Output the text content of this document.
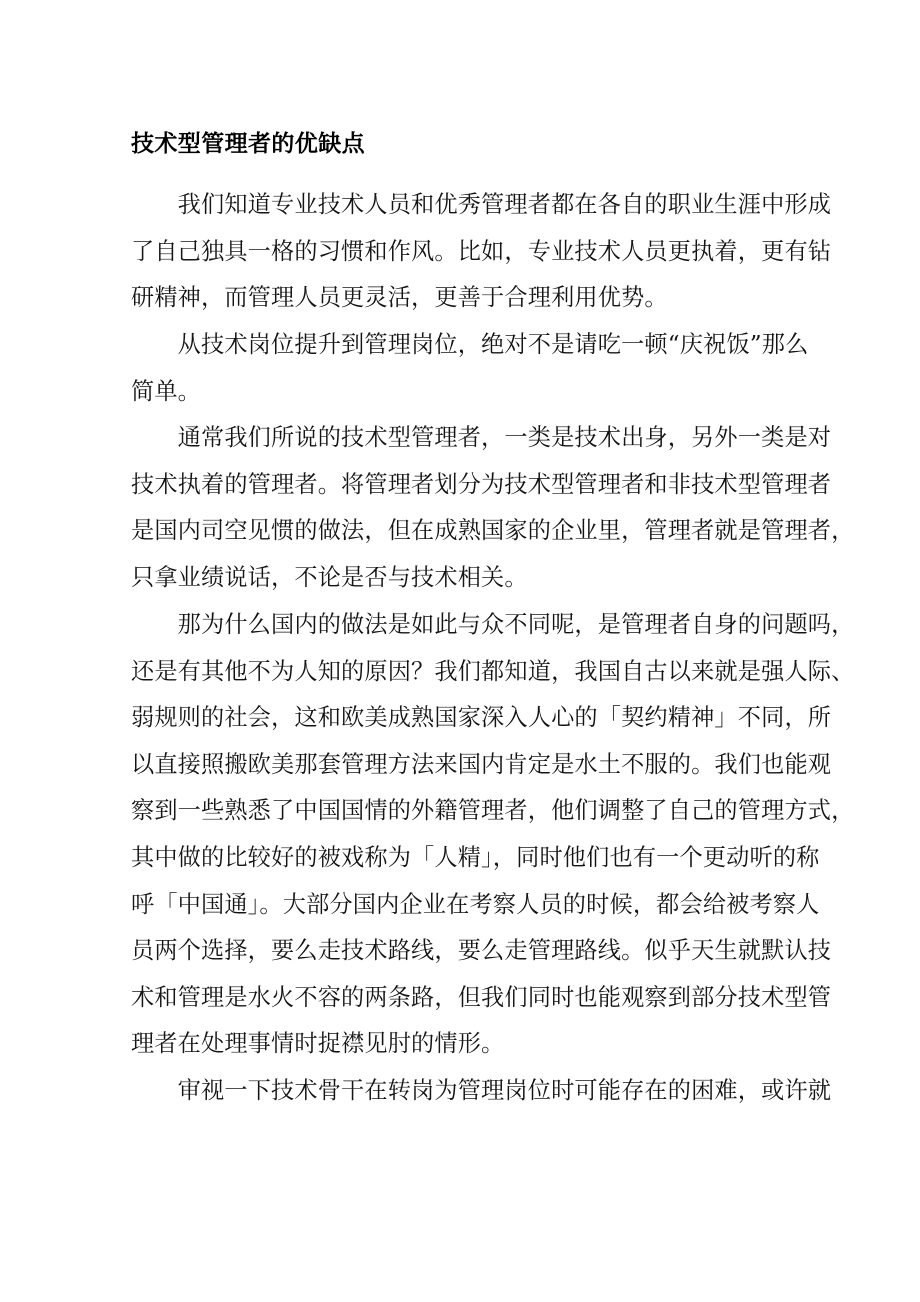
技术型管理者的优缺点
　　我们知道专业技术人员和优秀管理者都在各自的职业生涯中形 成
了自己独具一格的习惯和作风。比如，专业技术人员更执着，更有 钻
研精神，而管理人员更灵活，更善于合理利用优势。
　　从技术岗位提升到管理岗位，绝对不是请吃一顿“庆祝饭”那么
简单。
　　通常我们所说的技术型管理者，一类是技术出身，另外一类是对
技术执着的管理者。将管理者划分为技术型管理者和非技术型管理者
是国内司空见惯的做法，但在成熟国家的企业里，管理者就是管理者，
只拿业绩说话，不论是否与技术相关。
　　那为什么国内的做法是如此与众不同呢，是管理者自身的问题吗，
还是有其他不为人知的原因？我们都知道，我国自古以来就是强人际、
弱规则的社会，这和欧美成熟国家深入人心的「契约精神」不同，所
以直接照搬欧美那套管理方法来国内肯定是水土不服的。我们也能观
察到一些熟悉了中国国情的外籍管理者，他们调整了自己的管理方式，
其中做的比较好的被戏称为「人精」，同时他们也有一个更动听的称
呼「中国通」。大部分国内企业在考察人员的时候，都会给被考察人
员两个选择，要么走技术路线，要么走管理路线。似乎天生就默认技
术和管理是水火不容的两条路，但我们同时也能观察到部分技术型管
理者在处理事情时捉襟见肘的情形。
　　审视一下技术骨干在转岗为管理岗位时可能存在的困难，或许就
